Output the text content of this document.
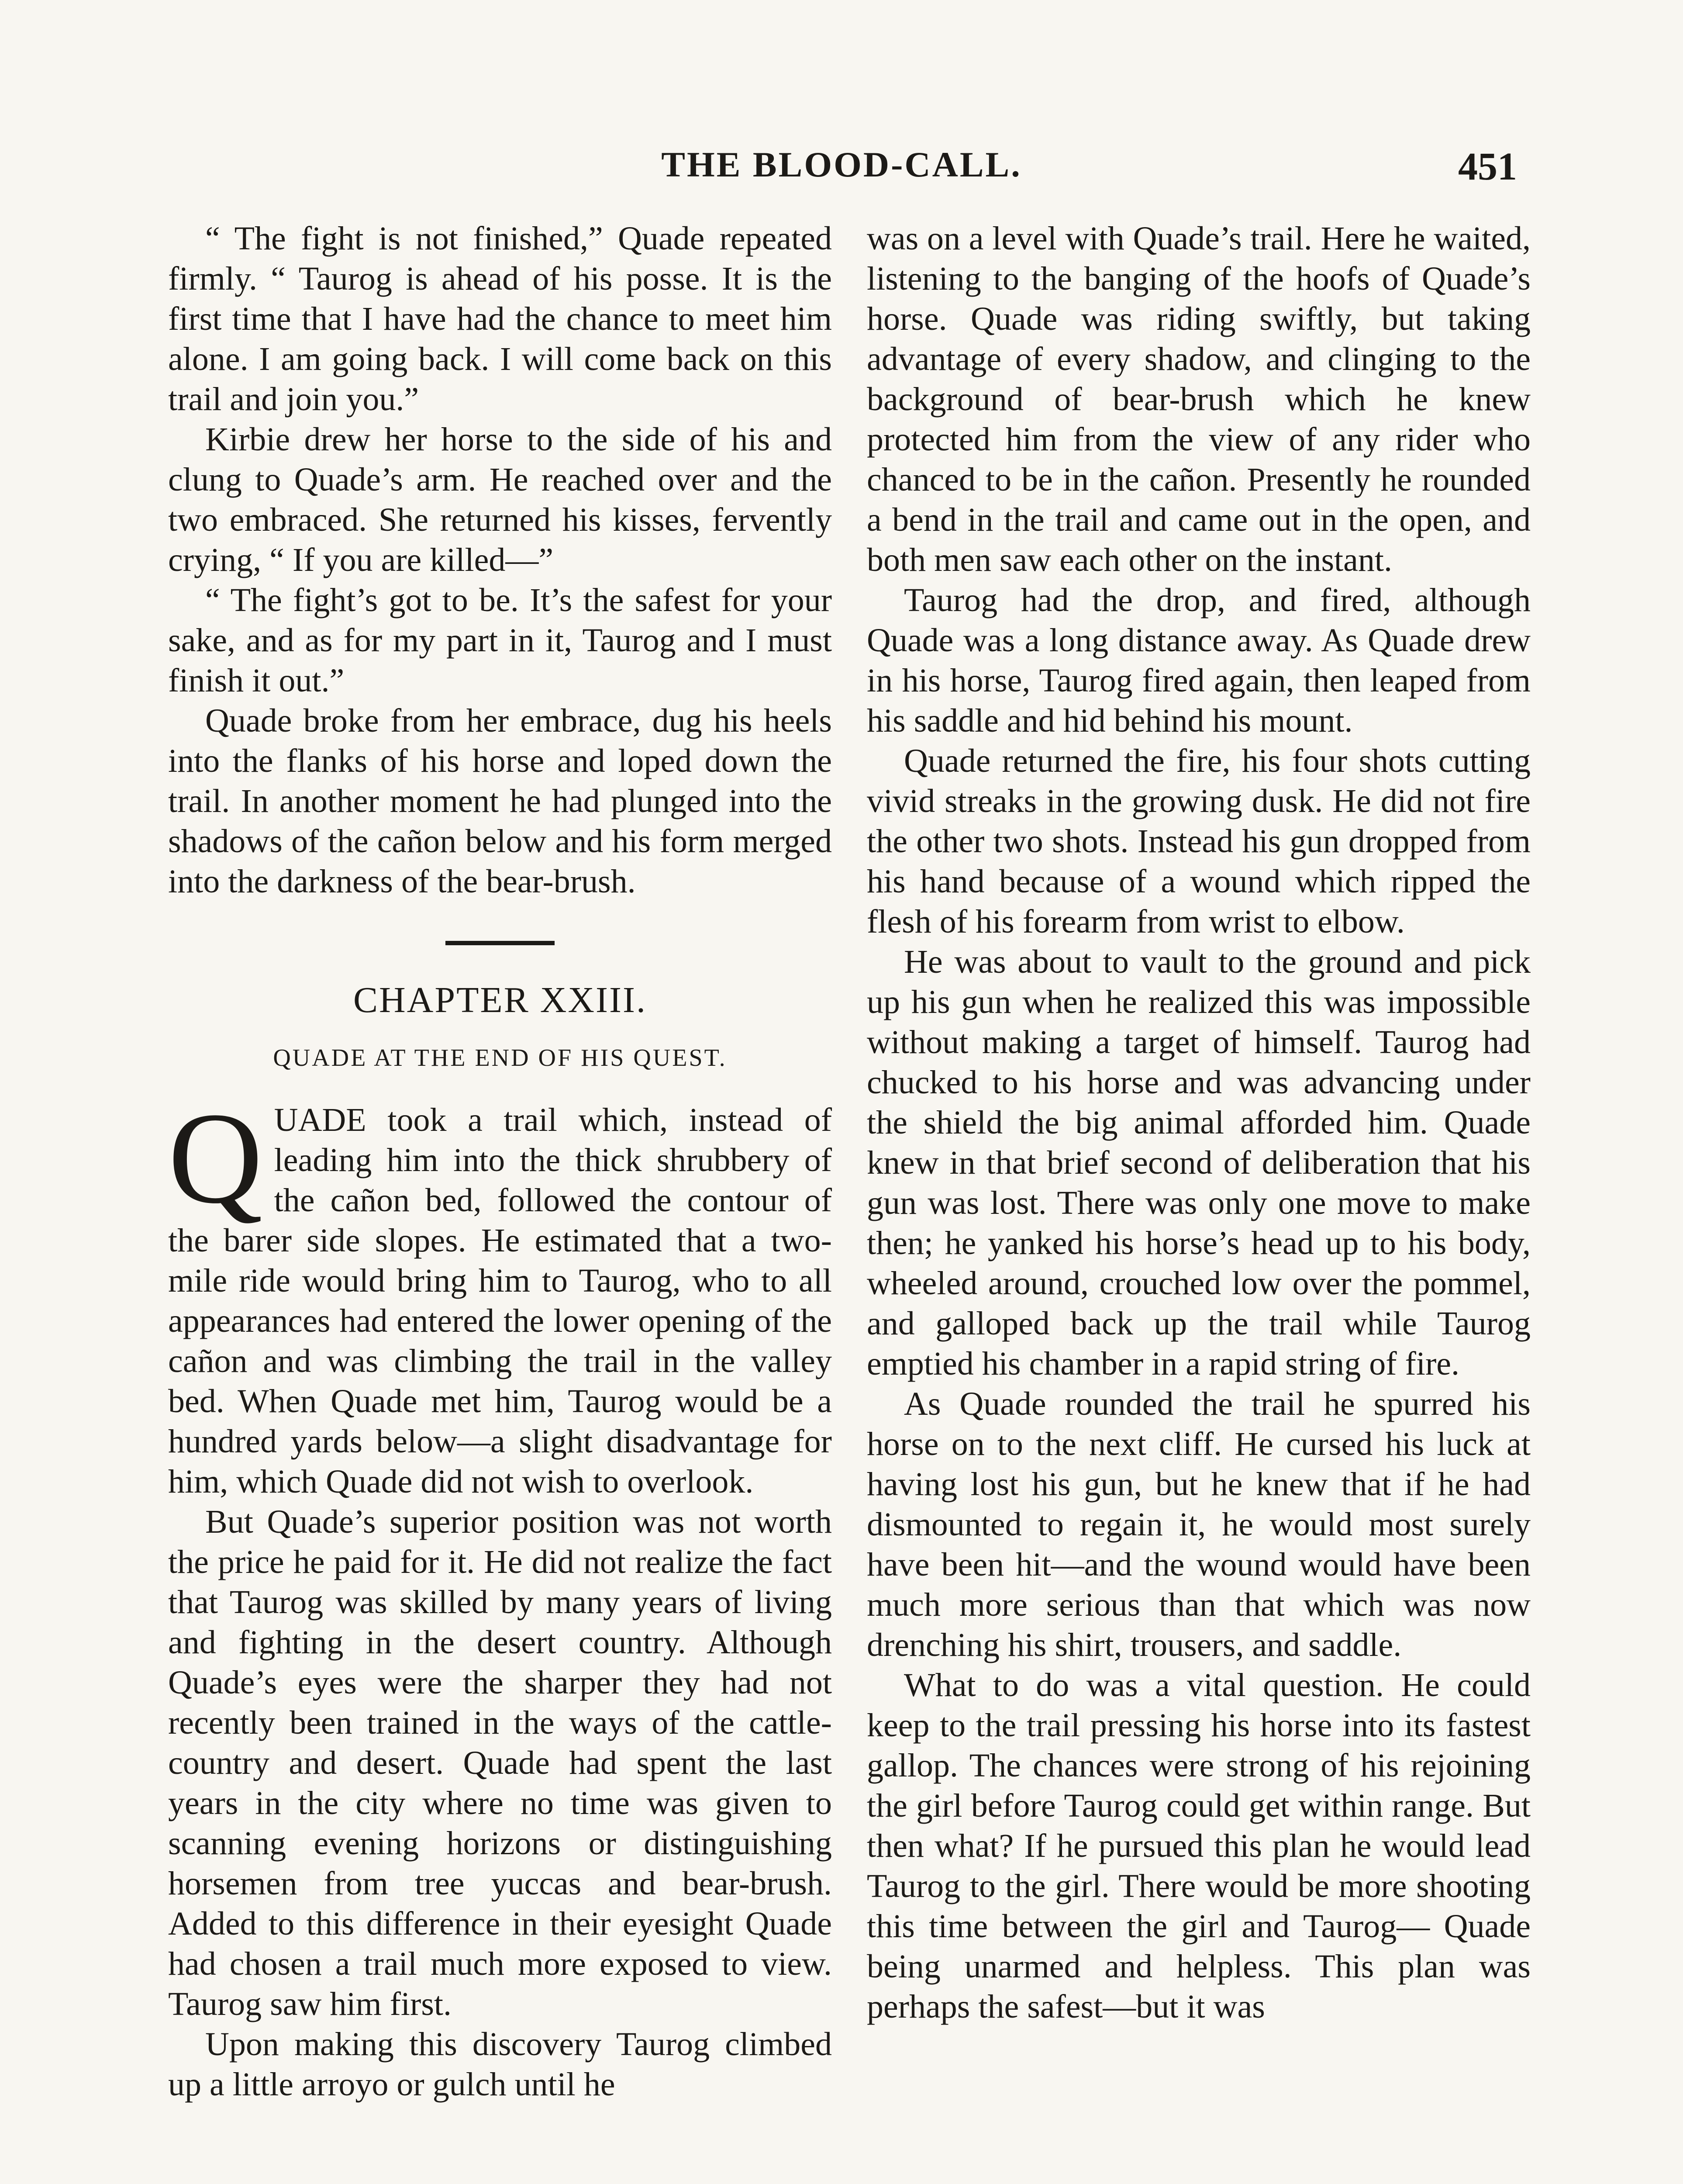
THE BLOOD-CALL.	451

“ The fight is not finished,” Quade repeated firmly. “ Taurog is ahead of his posse. It is the first time that I have had the chance to meet him alone. I am going back. I will come back on this trail and join you.”

Kirbie drew her horse to the side of his and clung to Quade’s arm. He reached over and the two embraced. She returned his kisses, fervently crying, “ If you are killed—”

“ The fight’s got to be. It’s the safest for your sake, and as for my part in it, Taurog and I must finish it out.”

Quade broke from her embrace, dug his heels into the flanks of his horse and loped down the trail. In another moment he had plunged into the shadows of the cañon below and his form merged into the darkness of the bear-brush.

CHAPTER XXIII.
QUADE AT THE END OF HIS QUEST.

QUADE took a trail which, instead of leading him into the thick shrubbery of the cañon bed, followed the contour of the barer side slopes. He estimated that a two-mile ride would bring him to Taurog, who to all appearances had entered the lower opening of the cañon and was climbing the trail in the valley bed. When Quade met him, Taurog would be a hundred yards below—a slight disadvantage for him, which Quade did not wish to overlook.

But Quade’s superior position was not worth the price he paid for it. He did not realize the fact that Taurog was skilled by many years of living and fighting in the desert country. Although Quade’s eyes were the sharper they had not recently been trained in the ways of the cattle-country and desert. Quade had spent the last years in the city where no time was given to scanning evening horizons or distinguishing horsemen from tree yuccas and bear-brush. Added to this difference in their eyesight Quade had chosen a trail much more exposed to view. Taurog saw him first.

Upon making this discovery Taurog climbed up a little arroyo or gulch until he

was on a level with Quade’s trail. Here he waited, listening to the banging of the hoofs of Quade’s horse. Quade was riding swiftly, but taking advantage of every shadow, and clinging to the background of bear-brush which he knew protected him from the view of any rider who chanced to be in the cañon. Presently he rounded a bend in the trail and came out in the open, and both men saw each other on the instant.

Taurog had the drop, and fired, although Quade was a long distance away. As Quade drew in his horse, Taurog fired again, then leaped from his saddle and hid behind his mount.

Quade returned the fire, his four shots cutting vivid streaks in the growing dusk. He did not fire the other two shots. Instead his gun dropped from his hand because of a wound which ripped the flesh of his forearm from wrist to elbow.

He was about to vault to the ground and pick up his gun when he realized this was impossible without making a target of himself. Taurog had chucked to his horse and was advancing under the shield the big animal afforded him. Quade knew in that brief second of deliberation that his gun was lost. There was only one move to make then; he yanked his horse’s head up to his body, wheeled around, crouched low over the pommel, and galloped back up the trail while Taurog emptied his chamber in a rapid string of fire.

As Quade rounded the trail he spurred his horse on to the next cliff. He cursed his luck at having lost his gun, but he knew that if he had dismounted to regain it, he would most surely have been hit—and the wound would have been much more serious than that which was now drenching his shirt, trousers, and saddle.

What to do was a vital question. He could keep to the trail pressing his horse into its fastest gallop. The chances were strong of his rejoining the girl before Taurog could get within range. But then what? If he pursued this plan he would lead Taurog to the girl. There would be more shooting this time between the girl and Taurog— Quade being unarmed and helpless. This plan was perhaps the safest—but it was
